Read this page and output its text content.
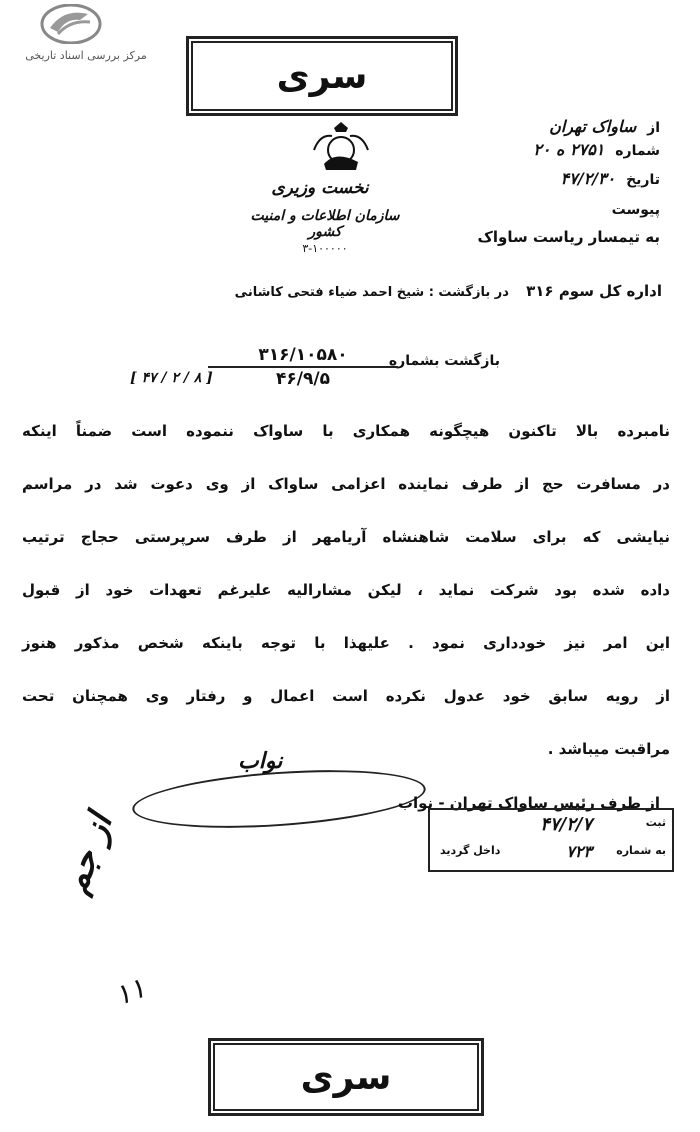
مرکز بررسی اسناد تاریخی	سری
نخست وزیری
سازمان اطلاعات و امنیت کشور
۳-۱۰۰۰۰۰
از ساواک تهران
شماره ۲۷۵۱ ه ۲۰
تاریخ ۴۷/۲/۳۰
پیوست
به تیمسار ریاست ساواک
اداره کل سوم ۳۱۶ در بازگشت : شیخ احمد ضیاء فتحی کاشانی
بازگشت بشماره
۳۱۶/۱۰۵۸۰
۴۶/۹/۵
[ ۴۷ / ۲ / ۸ ]
نامبرده بالا تاکنون هیچگونه همکاری با ساواک ننموده است ضمناً اینکه
در مسافرت حج از طرف نماینده اعزامی ساواک از وی دعوت شد در مراسم
نیایشی که برای سلامت شاهنشاه آریامهر از طرف سرپرستی حجاج ترتیب
داده شده بود شرکت نماید ، لیکن مشارالیه علیرغم تعهدات خود از قبول
این امر نیز خودداری نمود . علیهذا با توجه باینکه شخص مذکور هنوز
از رویه سابق خود عدول نکرده است اعمال و رفتار وی همچنان تحت
مراقبت میباشد .
نواب
از طرف رئیس ساواک تهران - نواب
ثبت
به شماره
۴۷/۲/۷
۷۲۳
داخل گردید
از جم
۱۱
سری
